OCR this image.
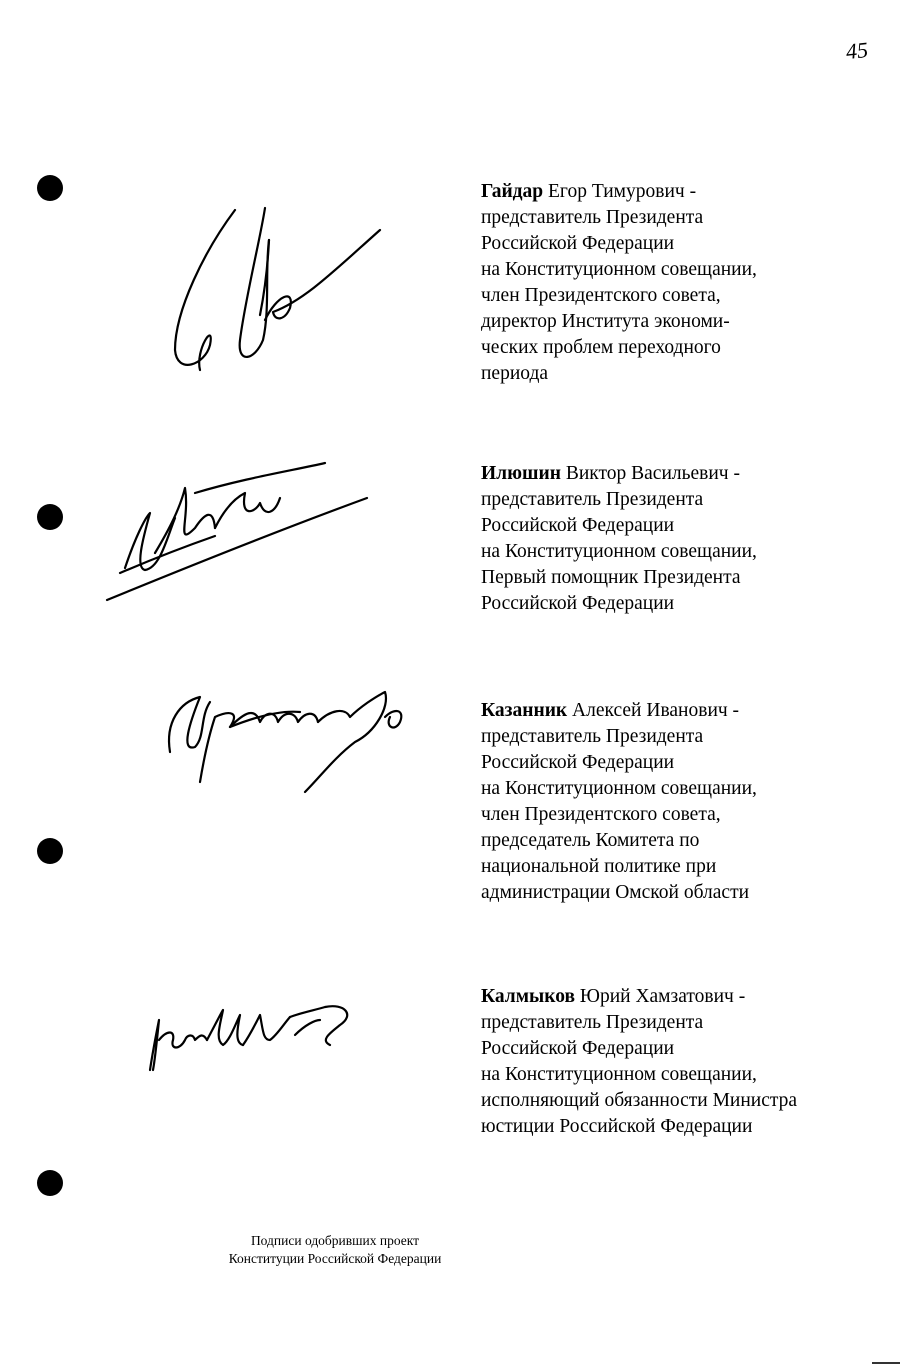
45
Гайдар Егор Тимурович -
представитель Президента
Российской Федерации
на Конституционном совещании,
член Президентского совета,
директор Института экономи-
ческих проблем переходного
периода
Илюшин Виктор Васильевич -
представитель Президента
Российской Федерации
на Конституционном совещании,
Первый помощник Президента
Российской Федерации
Казанник Алексей Иванович -
представитель Президента
Российской Федерации
на Конституционном совещании,
член Президентского совета,
председатель Комитета по
национальной политике при
администрации Омской области
Калмыков Юрий Хамзатович -
представитель Президента
Российской Федерации
на Конституционном совещании,
исполняющий обязанности Министра
юстиции Российской Федерации
Подписи одобривших проект
Конституции Российской Федерации
